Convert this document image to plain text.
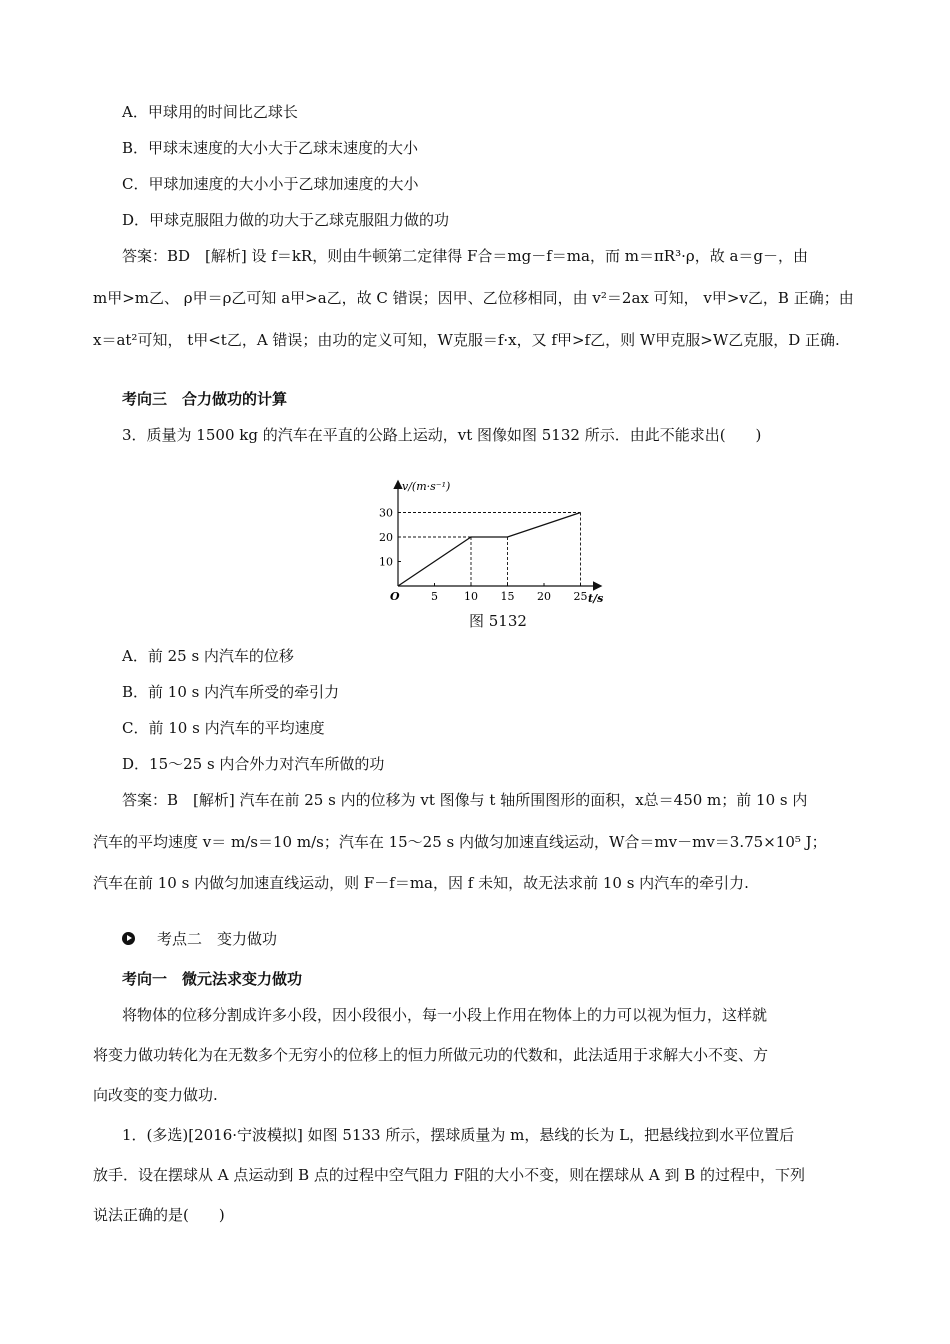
A．甲球用的时间比乙球长
B．甲球末速度的大小大于乙球末速度的大小
C．甲球加速度的大小小于乙球加速度的大小
D．甲球克服阻力做的功大于乙球克服阻力做的功
答案：BD　[解析] 设 f＝kR，则由牛顿第二定律得 F合＝mg－f＝ma，而 m＝πR³·ρ，故 a＝g－，由
m甲>m乙、 ρ甲＝ρ乙可知 a甲>a乙，故 C 错误；因甲、乙位移相同，由 v²＝2ax 可知， v甲>v乙，B 正确；由
x＝at²可知， t甲<t乙，A 错误；由功的定义可知，W克服＝f·x，又 f甲>f乙，则 W甲克服>W乙克服，D 正确.
考向三　合力做功的计算
3．质量为 1500 kg 的汽车在平直的公路上运动，vt 图像如图 5132 所示．由此不能求出(　　)
5 10 15 20 25
10
20
30
v/(m·s⁻¹)
t/s
O
图 5132
A．前 25 s 内汽车的位移
B．前 10 s 内汽车所受的牵引力
C．前 10 s 内汽车的平均速度
D．15～25 s 内合外力对汽车所做的功
答案：B　[解析] 汽车在前 25 s 内的位移为 vt 图像与 t 轴所围图形的面积，x总＝450 m；前 10 s 内
汽车的平均速度 v＝ m/s＝10 m/s；汽车在 15～25 s 内做匀加速直线运动，W合＝mv－mv＝3.75×10⁵ J；
汽车在前 10 s 内做匀加速直线运动，则 F－f＝ma，因 f 未知，故无法求前 10 s 内汽车的牵引力.
考点二　变力做功
考向一　微元法求变力做功
将物体的位移分割成许多小段，因小段很小，每一小段上作用在物体上的力可以视为恒力，这样就
将变力做功转化为在无数多个无穷小的位移上的恒力所做元功的代数和，此法适用于求解大小不变、方
向改变的变力做功.
1．(多选)[2016·宁波模拟] 如图 5133 所示，摆球质量为 m，悬线的长为 L，把悬线拉到水平位置后
放手．设在摆球从 A 点运动到 B 点的过程中空气阻力 F阻的大小不变，则在摆球从 A 到 B 的过程中，下列
说法正确的是(　　)
